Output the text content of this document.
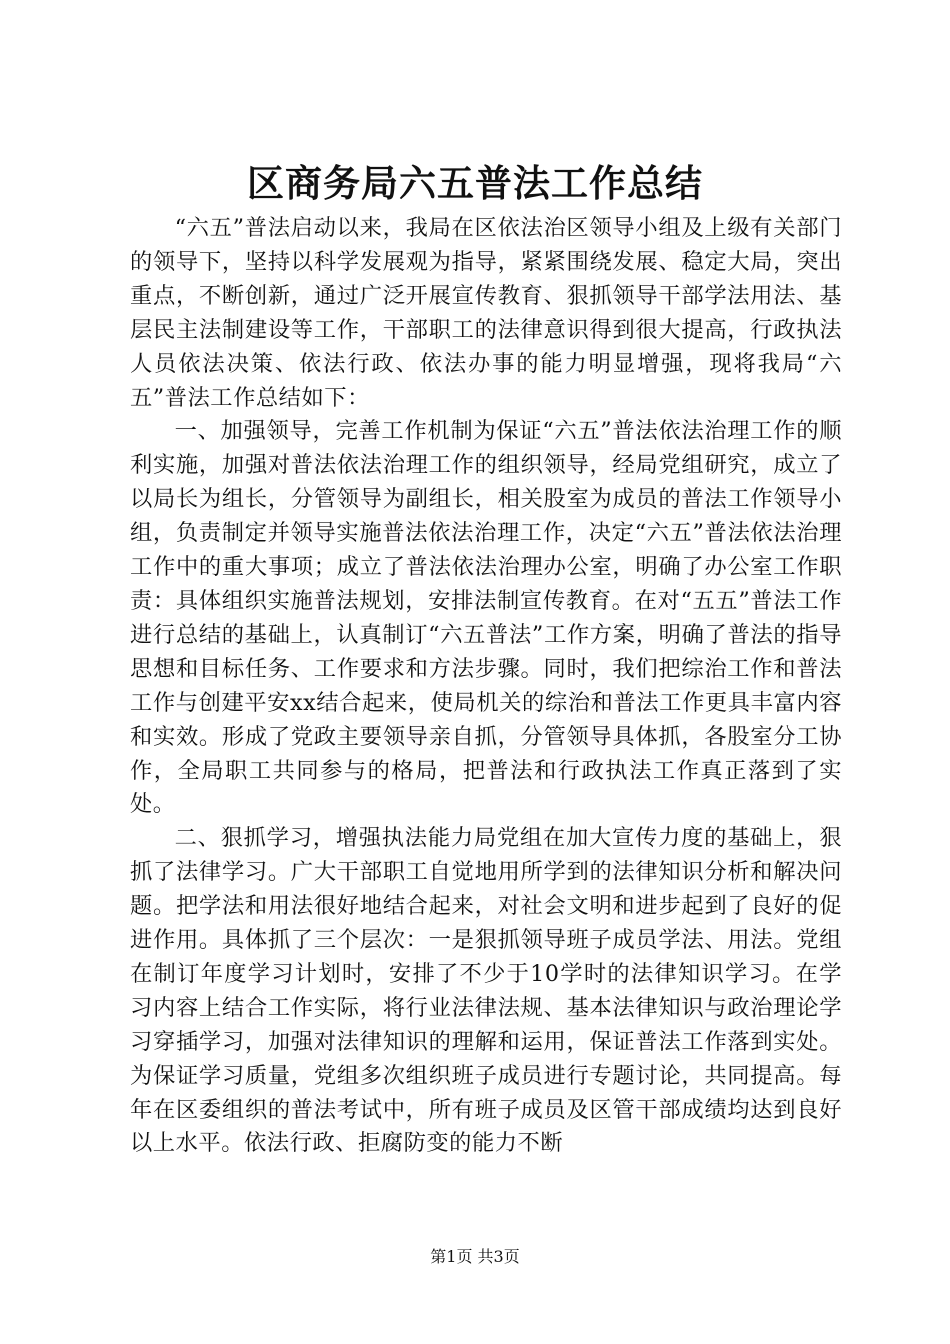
区商务局六五普法工作总结

“六五”普法启动以来，我局在区依法治区领导小组及上级有关部门的领导下，坚持以科学发展观为指导，紧紧围绕发展、稳定大局，突出重点，不断创新，通过广泛开展宣传教育、狠抓领导干部学法用法、基层民主法制建设等工作，干部职工的法律意识得到很大提高，行政执法人员依法决策、依法行政、依法办事的能力明显增强，现将我局“六五”普法工作总结如下：

一、加强领导，完善工作机制为保证“六五”普法依法治理工作的顺利实施，加强对普法依法治理工作的组织领导，经局党组研究，成立了以局长为组长，分管领导为副组长，相关股室为成员的普法工作领导小组，负责制定并领导实施普法依法治理工作，决定“六五”普法依法治理工作中的重大事项；成立了普法依法治理办公室，明确了办公室工作职责：具体组织实施普法规划，安排法制宣传教育。在对“五五”普法工作进行总结的基础上，认真制订“六五普法”工作方案，明确了普法的指导思想和目标任务、工作要求和方法步骤。同时，我们把综治工作和普法工作与创建平安xx结合起来，使局机关的综治和普法工作更具丰富内容和实效。形成了党政主要领导亲自抓，分管领导具体抓，各股室分工协作，全局职工共同参与的格局，把普法和行政执法工作真正落到了实处。

二、狠抓学习，增强执法能力局党组在加大宣传力度的基础上，狠抓了法律学习。广大干部职工自觉地用所学到的法律知识分析和解决问题。把学法和用法很好地结合起来，对社会文明和进步起到了良好的促进作用。具体抓了三个层次：一是狠抓领导班子成员学法、用法。党组在制订年度学习计划时，安排了不少于10学时的法律知识学习。在学习内容上结合工作实际，将行业法律法规、基本法律知识与政治理论学习穿插学习，加强对法律知识的理解和运用，保证普法工作落到实处。为保证学习质量，党组多次组织班子成员进行专题讨论，共同提高。每年在区委组织的普法考试中，所有班子成员及区管干部成绩均达到良好以上水平。依法行政、拒腐防变的能力不断

第1页 共3页
